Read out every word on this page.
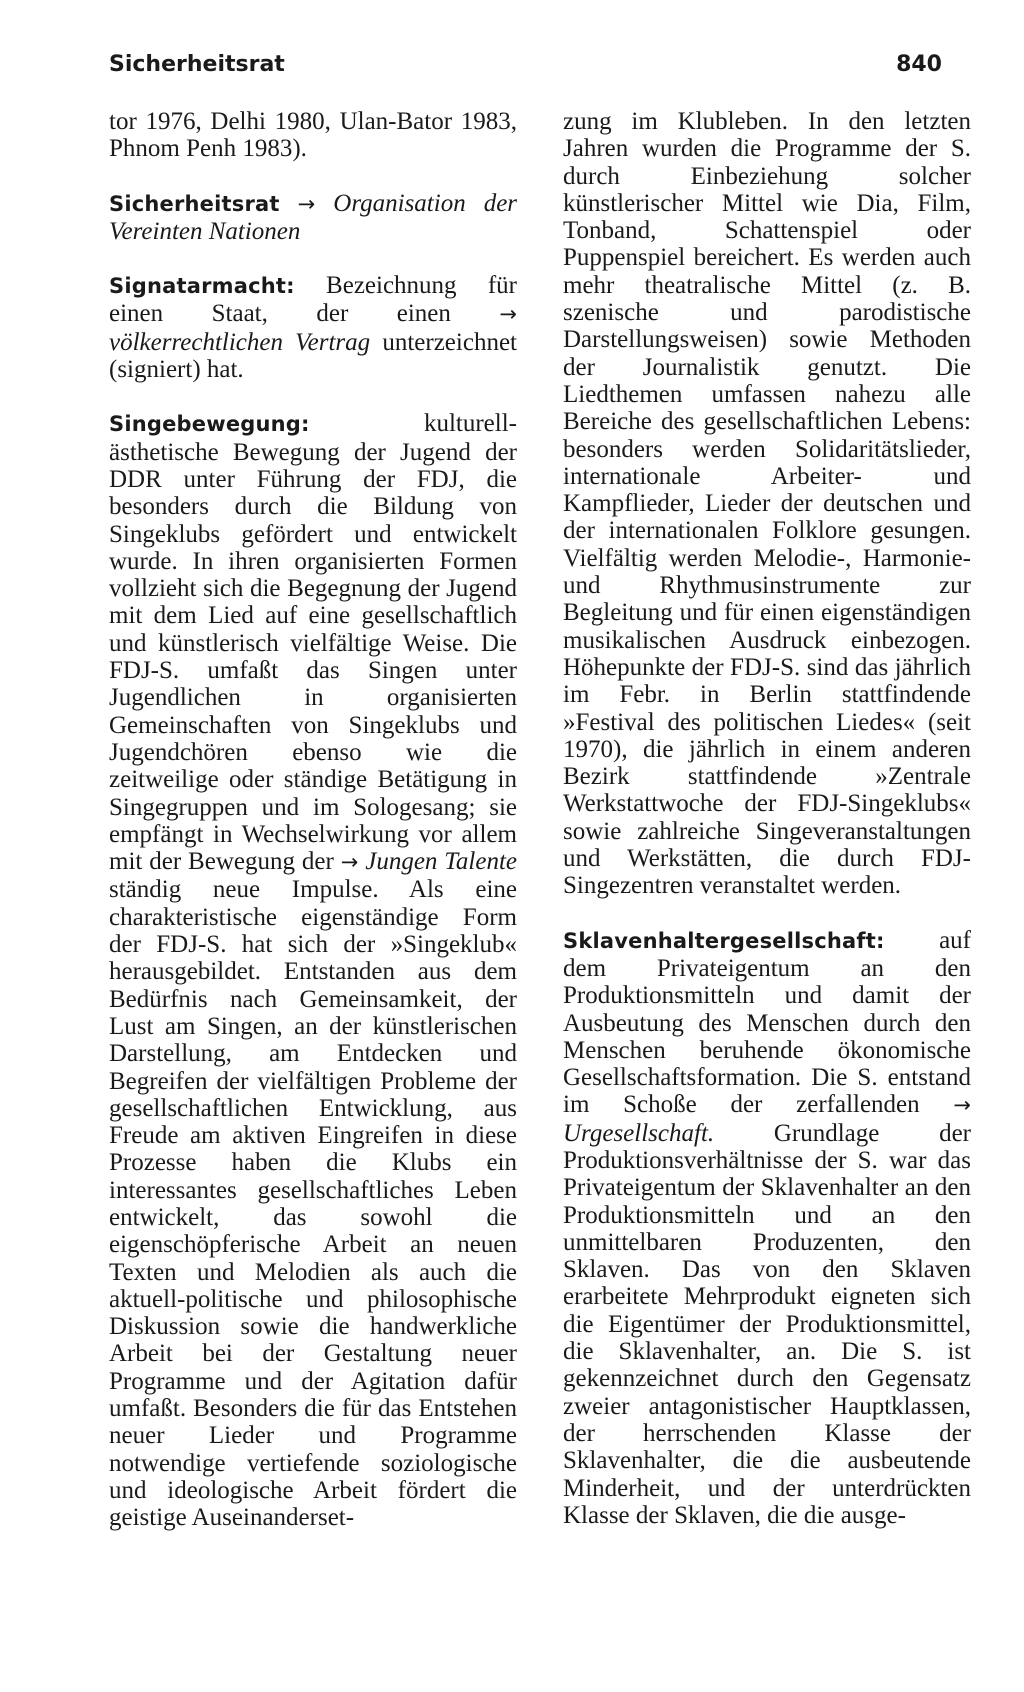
Sicherheitsrat	840

tor 1976, Delhi 1980, Ulan-Bator 1983, Phnom Penh 1983).

Sicherheitsrat → Organisation der Vereinten Nationen

Signatarmacht: Bezeichnung für einen Staat, der einen → völkerrechtlichen Vertrag unterzeichnet (signiert) hat.

Singebewegung:	kulturell-ästhetische Bewegung der Jugend der DDR unter Führung der FDJ, die besonders durch die Bildung von Singeklubs gefördert und entwickelt wurde. In ihren organisierten Formen vollzieht sich die Begegnung der Jugend mit dem Lied auf eine gesellschaftlich und künstlerisch vielfältige Weise. Die FDJ-S. umfaßt das Singen unter Jugendlichen in organisierten Gemeinschaften von Singeklubs und Jugendchören ebenso wie die zeitweilige oder ständige Betätigung in Singegruppen und im Sologesang; sie empfängt in Wechselwirkung vor allem mit der Bewegung der → Jungen Talente ständig neue Impulse. Als eine charakteristische eigenständige Form der FDJ-S. hat sich der »Singeklub« herausgebildet. Entstanden aus dem Bedürfnis nach Gemeinsamkeit, der Lust am Singen, an der künstlerischen Darstellung, am Entdecken und Begreifen der vielfältigen Probleme der gesellschaftlichen Entwicklung, aus Freude am aktiven Eingreifen in diese Prozesse haben die Klubs ein interessantes gesellschaftliches Leben entwickelt, das sowohl die eigenschöpferische Arbeit an neuen Texten und Melodien als auch die aktuell-politische und philosophische Diskussion sowie die handwerkliche Arbeit bei der Gestaltung neuer Programme und der Agitation dafür umfaßt. Besonders die für das Entstehen neuer Lieder und Programme notwendige vertiefende soziologische und ideologische Arbeit fördert die geistige Auseinanderset-

zung im Klubleben. In den letzten Jahren wurden die Programme der S. durch Einbeziehung solcher künstlerischer Mittel wie Dia, Film, Tonband, Schattenspiel oder Puppenspiel bereichert. Es werden auch mehr theatralische Mittel (z. B. szenische und parodistische Darstellungsweisen) sowie Methoden der Journalistik genutzt. Die Liedthemen umfassen nahezu alle Bereiche des gesellschaftlichen Lebens: besonders werden Solidaritätslieder, internationale Arbeiter- und Kampflieder, Lieder der deutschen und der internationalen Folklore gesungen. Vielfältig werden Melodie-, Harmonie- und Rhythmusinstrumente zur Begleitung und für einen eigenständigen musikalischen Ausdruck einbezogen. Höhepunkte der FDJ-S. sind das jährlich im Febr. in Berlin stattfindende »Festival des politischen Liedes« (seit 1970), die jährlich in einem anderen Bezirk stattfindende »Zentrale Werkstattwoche der FDJ-Singeklubs« sowie zahlreiche Singeveranstaltungen und Werkstätten, die durch FDJ-Singezentren veranstaltet werden.

Sklavenhaltergesellschaft: auf dem Privateigentum an den Produktionsmitteln und damit der Ausbeutung des Menschen durch den Menschen beruhende ökonomische Gesellschaftsformation. Die S. entstand im Schoße der zerfallenden → Urgesellschaft. Grundlage der Produktionsverhältnisse der S. war das Privateigentum der Sklavenhalter an den Produktionsmitteln und an den unmittelbaren Produzenten, den Sklaven. Das von den Sklaven erarbeitete Mehrprodukt eigneten sich die Eigentümer der Produktionsmittel, die Sklavenhalter, an. Die S. ist gekennzeichnet durch den Gegensatz zweier antagonistischer Hauptklassen, der herrschenden Klasse der Sklavenhalter, die die ausbeutende Minderheit, und der unterdrückten Klasse der Sklaven, die die ausge-
